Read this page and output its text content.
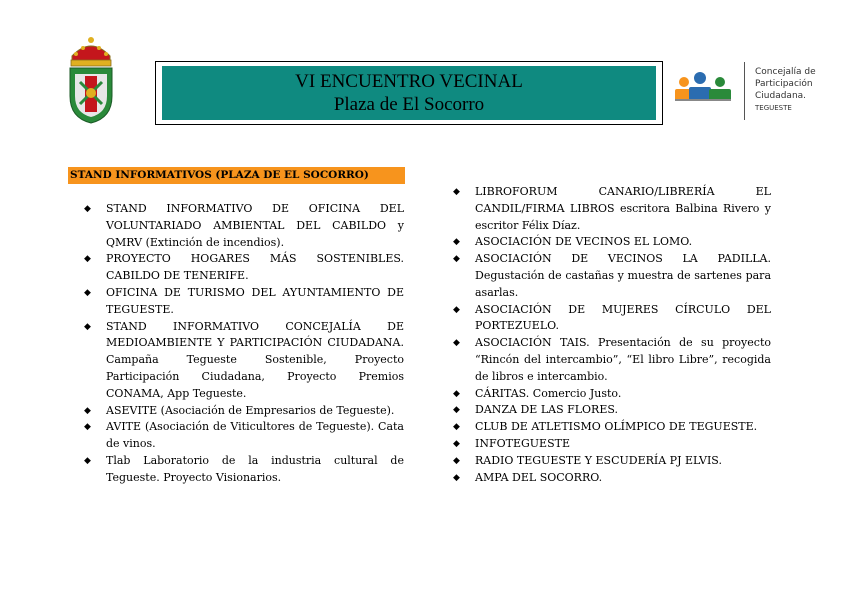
VI ENCUENTRO VECINAL
Plaza de El Socorro
Concejalía de
Participación
Ciudadana.
TEGUESTE
STAND INFORMATIVOS (PLAZA DE EL SOCORRO)
◆ STAND INFORMATIVO DE OFICINA DEL VOLUNTARIADO AMBIENTAL DEL CABILDO y QMRV (Extinción de incendios).
◆ PROYECTO HOGARES MÁS SOSTENIBLES. CABILDO DE TENERIFE.
◆ OFICINA DE TURISMO DEL AYUNTAMIENTO DE TEGUESTE.
◆ STAND INFORMATIVO CONCEJALÍA DE MEDIOAMBIENTE Y PARTICIPACIÓN CIUDADANA. Campaña Tegueste Sostenible, Proyecto Participación Ciudadana, Proyecto Premios CONAMA, App Tegueste.
◆ ASEVITE (Asociación de Empresarios de Tegueste).
◆ AVITE (Asociación de Viticultores de Tegueste). Cata de vinos.
◆ Tlab Laboratorio de la industria cultural de Tegueste. Proyecto Visionarios.
◆ LIBROFORUM CANARIO/LIBRERÍA EL CANDIL/FIRMA LIBROS escritora Balbina Rivero y escritor Félix Díaz.
◆ ASOCIACIÓN DE VECINOS EL LOMO.
◆ ASOCIACIÓN DE VECINOS LA PADILLA. Degustación de castañas y muestra de sartenes para asarlas.
◆ ASOCIACIÓN DE MUJERES CÍRCULO DEL PORTEZUELO.
◆ ASOCIACIÓN TAIS. Presentación de su proyecto “Rincón del intercambio”, “El libro Libre”, recogida de libros e intercambio.
◆ CÁRITAS. Comercio Justo.
◆ DANZA DE LAS FLORES.
◆ CLUB DE ATLETISMO OLÍMPICO DE TEGUESTE.
◆ INFOTEGUESTE
◆ RADIO TEGUESTE Y ESCUDERÍA PJ ELVIS.
◆ AMPA DEL SOCORRO.
